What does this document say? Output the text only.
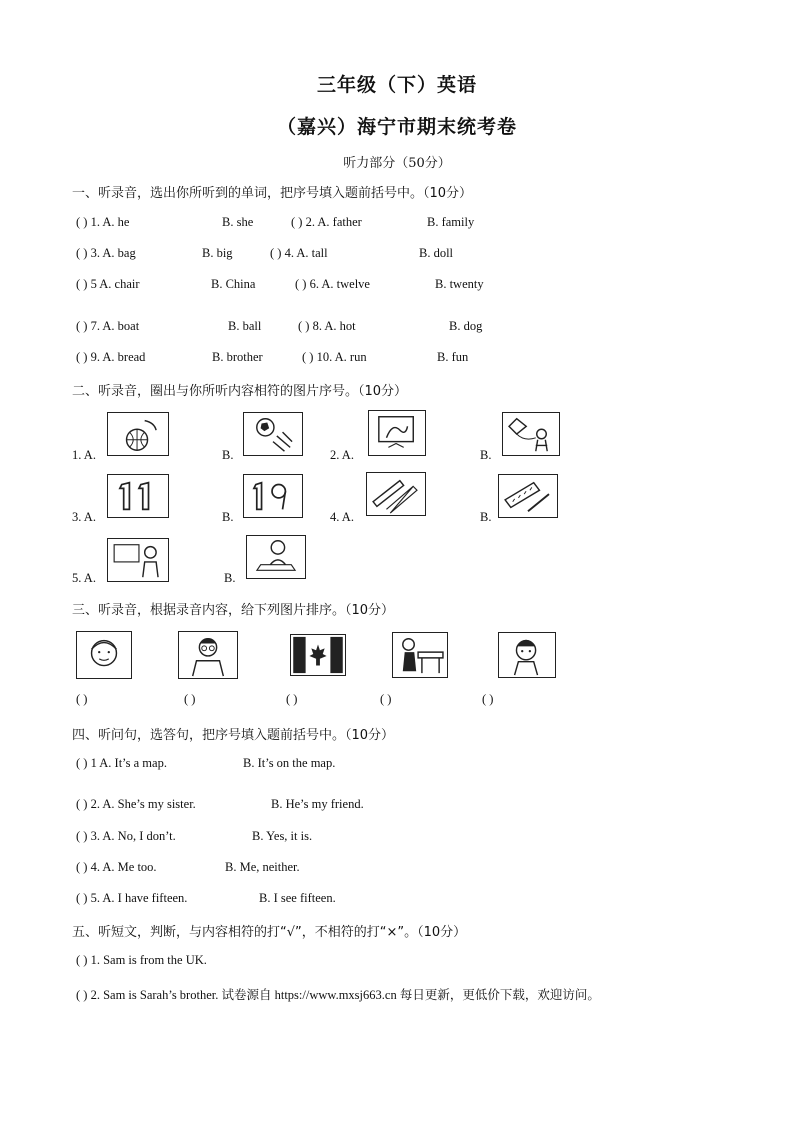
三年级（下）英语
（嘉兴）海宁市期末统考卷
听力部分（50分）
一、听录音，选出你所听到的单词，把序号填入题前括号中。（10分）
( ) 1. A. he	B. she	( ) 2. A. father	B. family
( ) 3. A. bag	B. big	( ) 4. A. tall	B. doll
( ) 5 A. chair	B. China	( ) 6. A. twelve	B. twenty
( ) 7. A. boat	B. ball	( ) 8. A. hot	B. dog
( ) 9. A. bread	B. brother	( ) 10. A. run	B. fun
二、听录音，圈出与你所听内容相符的图片序号。（10分）
1. A.	B.	2. A.	B.
3. A.	B.	4. A.	B.
5. A.	B.
三、听录音，根据录音内容，给下列图片排序。（10分）
( )	( )	( )	( )	( )
四、听问句，选答句，把序号填入题前括号中。（10分）
( ) 1 A. It’s a map.	B. It’s on the map.
( ) 2. A. She’s my sister.	B. He’s my friend.
( ) 3. A. No, I don’t.	B. Yes, it is.
( ) 4. A. Me too.	B. Me, neither.
( ) 5. A. I have fifteen.	B. I see fifteen.
五、听短文，判断，与内容相符的打“√”，不相符的打“×”。（10分）
( ) 1. Sam is from the UK.
( ) 2. Sam is Sarah’s brother. 试卷源自 https://www.mxsj663.cn 每日更新，更低价下载，欢迎访问。
